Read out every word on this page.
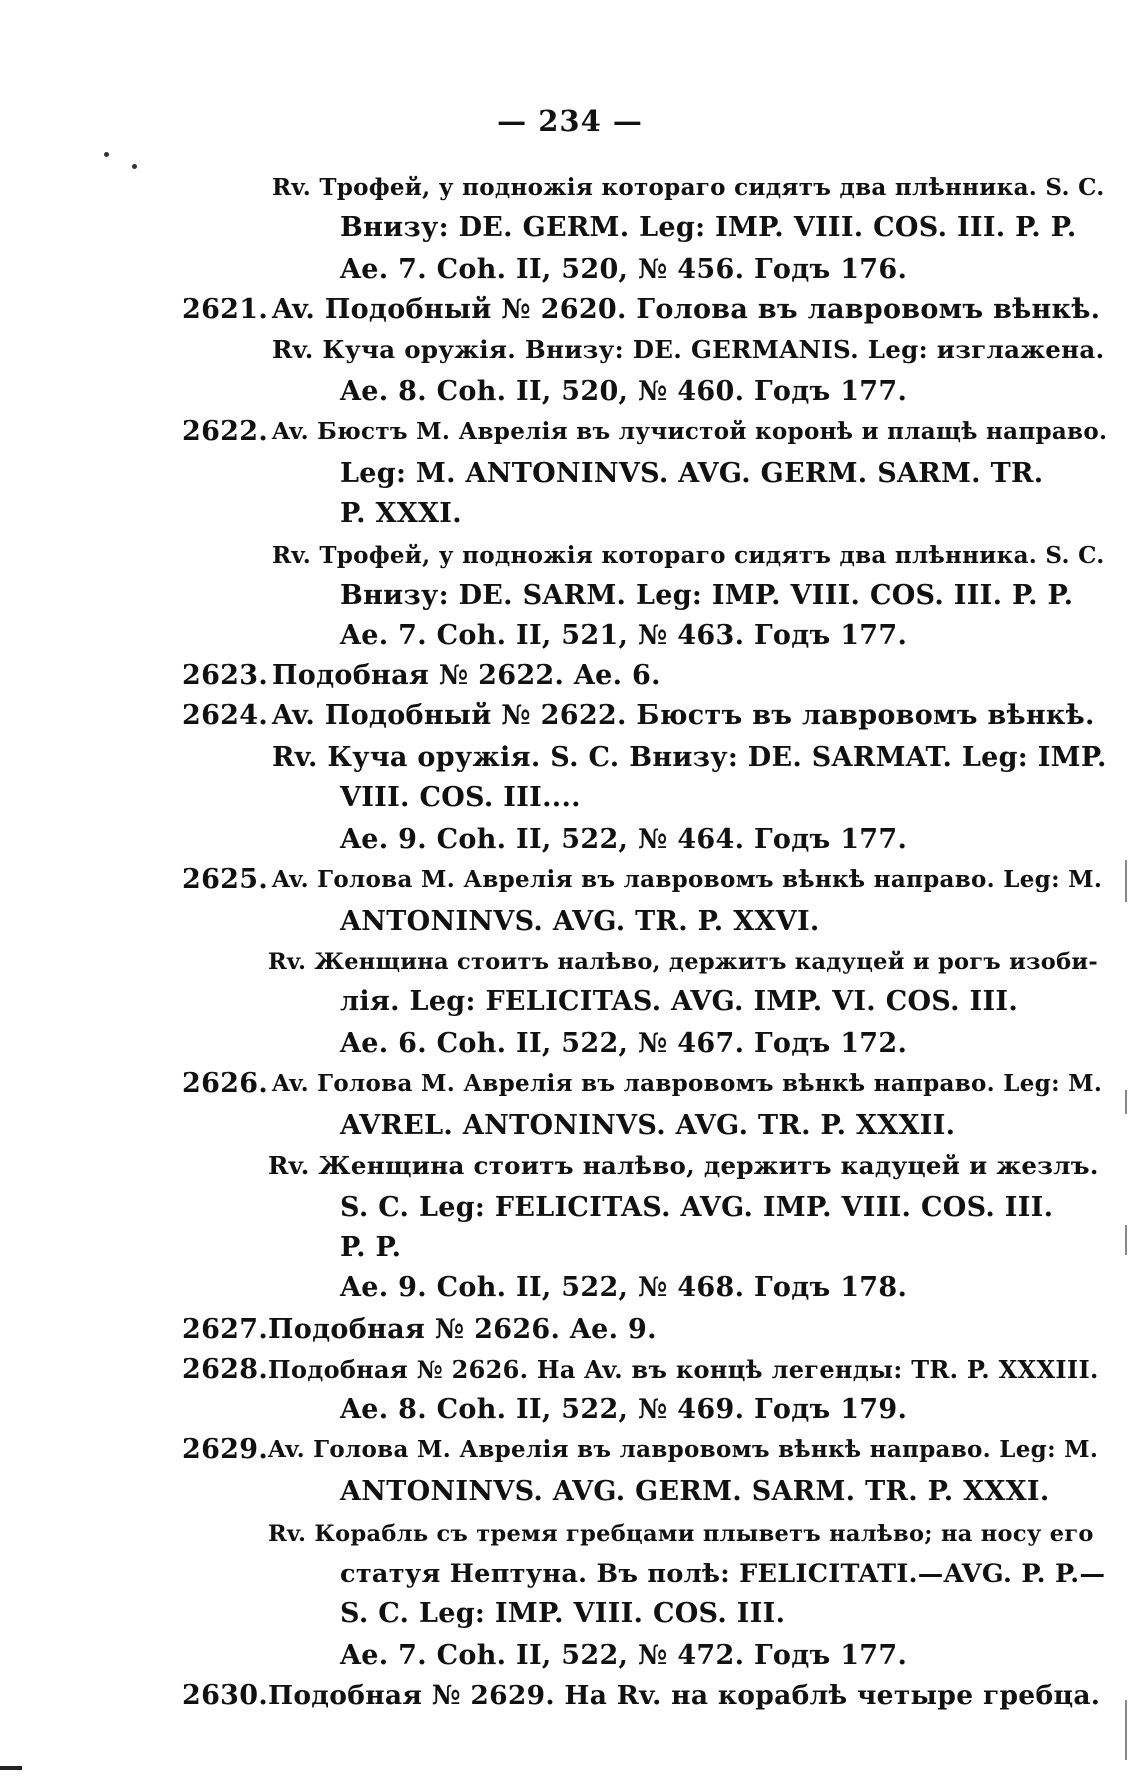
— 234 —
Rv. Трофей, у подножія котораго сидятъ два плѣнника. S. C.
Внизу: DE. GERM. Leg: IMP. VIII. COS. III. P. P.
Ae. 7. Coh. II, 520, № 456. Годъ 176.
2621. Av. Подобный № 2620. Голова въ лавровомъ вѣнкѣ.
Rv. Куча оружія. Внизу: DE. GERMANIS. Leg: изглажена.
Ae. 8. Coh. II, 520, № 460. Годъ 177.
2622. Av. Бюстъ М. Аврелія въ лучистой коронѣ и плащѣ направо.
Leg: M. ANTONINVS. AVG. GERM. SARM. TR.
P. XXXI.
Rv. Трофей, у подножія котораго сидятъ два плѣнника. S. C.
Внизу: DE. SARM. Leg: IMP. VIII. COS. III. P. P.
Ae. 7. Coh. II, 521, № 463. Годъ 177.
2623. Подобная № 2622. Ae. 6.
2624. Av. Подобный № 2622. Бюстъ въ лавровомъ вѣнкѣ.
Rv. Куча оружія. S. C. Внизу: DE. SARMAT. Leg: IMP.
VIII. COS. III....
Ae. 9. Coh. II, 522, № 464. Годъ 177.
2625. Av. Голова М. Аврелія въ лавровомъ вѣнкѣ направо. Leg: M.
ANTONINVS. AVG. TR. P. XXVI.
Rv. Женщина стоитъ налѣво, держитъ кадуцей и рогъ изоби-
лія. Leg: FELICITAS. AVG. IMP. VI. COS. III.
Ae. 6. Coh. II, 522, № 467. Годъ 172.
2626. Av. Голова М. Аврелія въ лавровомъ вѣнкѣ направо. Leg: M.
AVREL. ANTONINVS. AVG. TR. P. XXXII.
Rv. Женщина стоитъ налѣво, держитъ кадуцей и жезлъ.
S. C. Leg: FELICITAS. AVG. IMP. VIII. COS. III.
P. P.
Ae. 9. Coh. II, 522, № 468. Годъ 178.
2627. Подобная № 2626. Ae. 9.
2628. Подобная № 2626. На Av. въ концѣ легенды: TR. P. XXXIII.
Ae. 8. Coh. II, 522, № 469. Годъ 179.
2629. Av. Голова М. Аврелія въ лавровомъ вѣнкѣ направо. Leg: M.
ANTONINVS. AVG. GERM. SARM. TR. P. XXXI.
Rv. Корабль съ тремя гребцами плыветъ налѣво; на носу его
статуя Нептуна. Въ полѣ: FELICITATI.—AVG. P. P.—
S. C. Leg: IMP. VIII. COS. III.
Ae. 7. Coh. II, 522, № 472. Годъ 177.
2630. Подобная № 2629. На Rv. на кораблѣ четыре гребца.
